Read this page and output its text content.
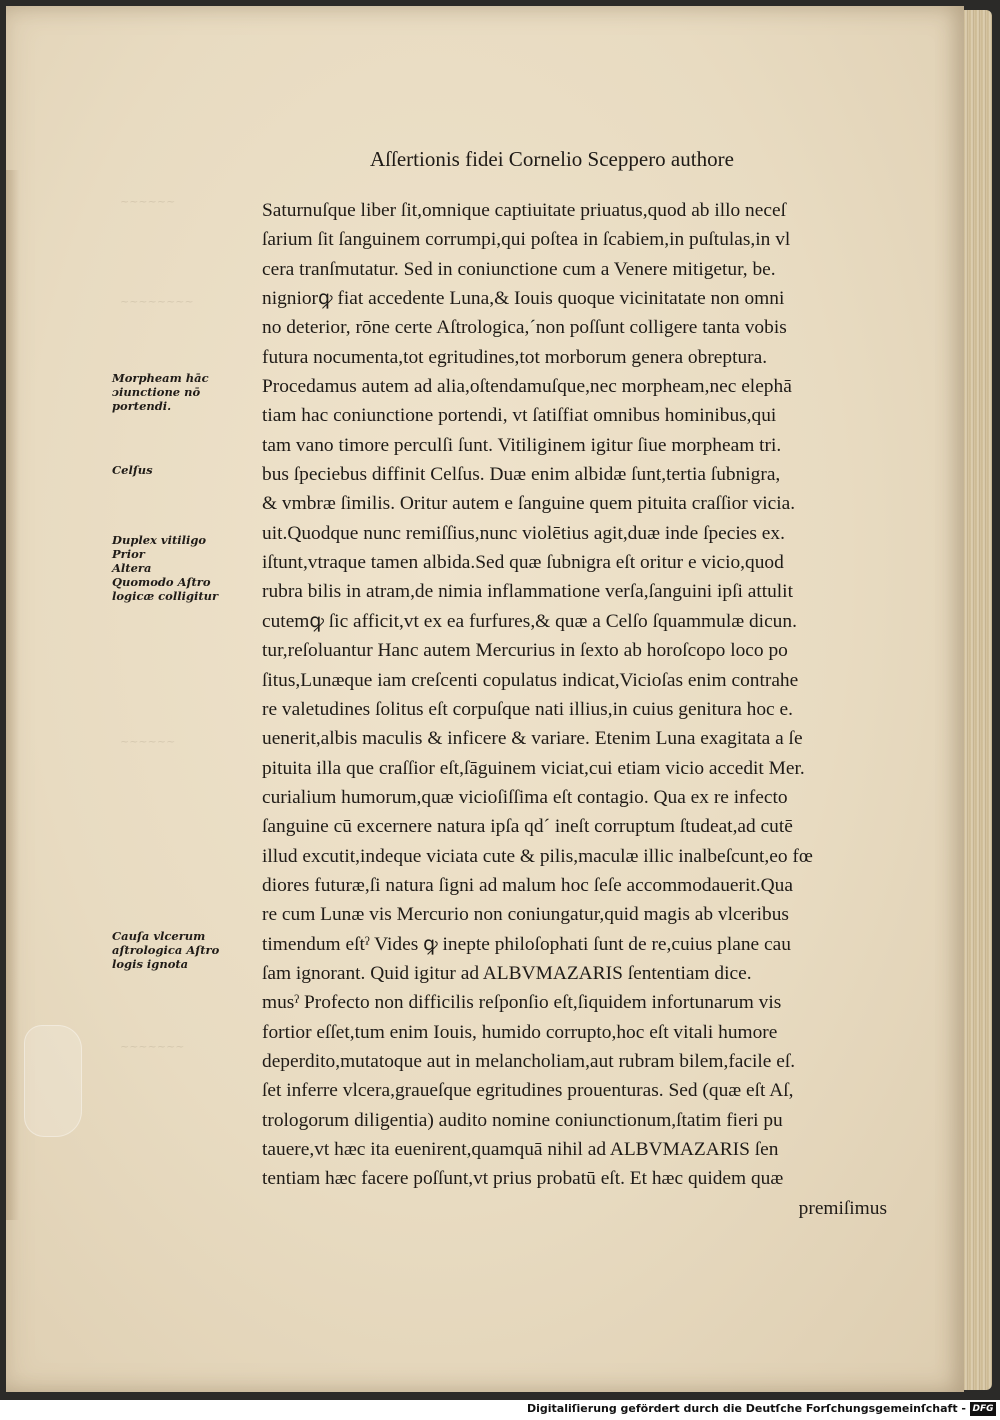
~~~~~~
~~~~~~~~
~~~~~~
~~~~~~~
Aſſertionis fidei Cornelio Sceppero authore
Saturnuſque liber ſit,omnique captiuitate priuatus,quod ab illo neceſ
ſarium ſit ſanguinem corrumpi,qui poſtea in ſcabiem,in puſtulas,in vl
cera tranſmutatur. Sed in coniunctione cum a Venere mitigetur, be.
nigniorꝙ fiat accedente Luna,& Iouis quoque vicinitatate non omni
no deterior, rōne certe Aſtrologica,ˊnon poſſunt colligere tanta vobis
futura nocumenta,tot egritudines,tot morborum genera obreptura.
Procedamus autem ad alia,oſtendamuſque,nec morpheam,nec elephā
tiam hac coniunctione portendi, vt ſatiſfiat omnibus hominibus,qui
tam vano timore perculſi ſunt. Vitiliginem igitur ſiue morpheam tri.
bus ſpeciebus diffinit Celſus. Duæ enim albidæ ſunt,tertia ſubnigra,
& vmbræ ſimilis. Oritur autem e ſanguine quem pituita craſſior vicia.
uit.Quodque nunc remiſſius,nunc violētius agit,duæ inde ſpecies ex.
iſtunt,vtraque tamen albida.Sed quæ ſubnigra eſt oritur e vicio,quod
rubra bilis in atram,de nimia inflammatione verſa,ſanguini ipſi attulit
cutemꝙ ſic afficit,vt ex ea furfures,& quæ a Celſo ſquammulæ dicun.
tur,reſoluantur Hanc autem Mercurius in ſexto ab horoſcopo loco po
ſitus,Lunæque iam creſcenti copulatus indicat,Vicioſas enim contrahe
re valetudines ſolitus eſt corpuſque nati illius,in cuius genitura hoc e.
uenerit,albis maculis & inficere & variare. Etenim Luna exagitata a ſe
pituita illa que craſſior eſt,ſāguinem viciat,cui etiam vicio accedit Mer.
curialium humorum,quæ vicioſiſſima eſt contagio. Qua ex re infecto
ſanguine cū excernere natura ipſa qdˊ ineſt corruptum ſtudeat,ad cutē
illud excutit,indeque viciata cute & pilis,maculæ illic inalbeſcunt,eo fœ
diores futuræ,ſi natura ſigni ad malum hoc ſeſe accommodauerit.Qua
re cum Lunæ vis Mercurio non coniungatur,quid magis ab vlceribus
timendum eſtˀ Vides ꝙ inepte philoſophati ſunt de re,cuius plane cau
ſam ignorant. Quid igitur ad ALBVMAZARIS ſententiam dice.
musˀ Profecto non difficilis reſponſio eſt,ſiquidem infortunarum vis
fortior eſſet,tum enim Iouis, humido corrupto,hoc eſt vitali humore
deperdito,mutatoque aut in melancholiam,aut rubram bilem,facile eſ.
ſet inferre vlcera,graueſque egritudines prouenturas. Sed (quæ eſt Aſ,
trologorum diligentia) audito nomine coniunctionum,ſtatim fieri pu
tauere,vt hæc ita euenirent,quamquā nihil ad ALBVMAZARIS ſen
tentiam hæc facere poſſunt,vt prius probatū eſt. Et hæc quidem quæ
premiſimus
Morpheam hāc
ɔiunctione nō
portendi.
Celſus
Duplex vitiligo
Prior
Altera
Quomodo Aſtro
logicæ colligitur
Cauſa vlcerum
aſtrologica Aſtro
logis ignota
Digitaliſierung gefördert durch die Deutſche Forſchungsgemeinſchaft - DFG
